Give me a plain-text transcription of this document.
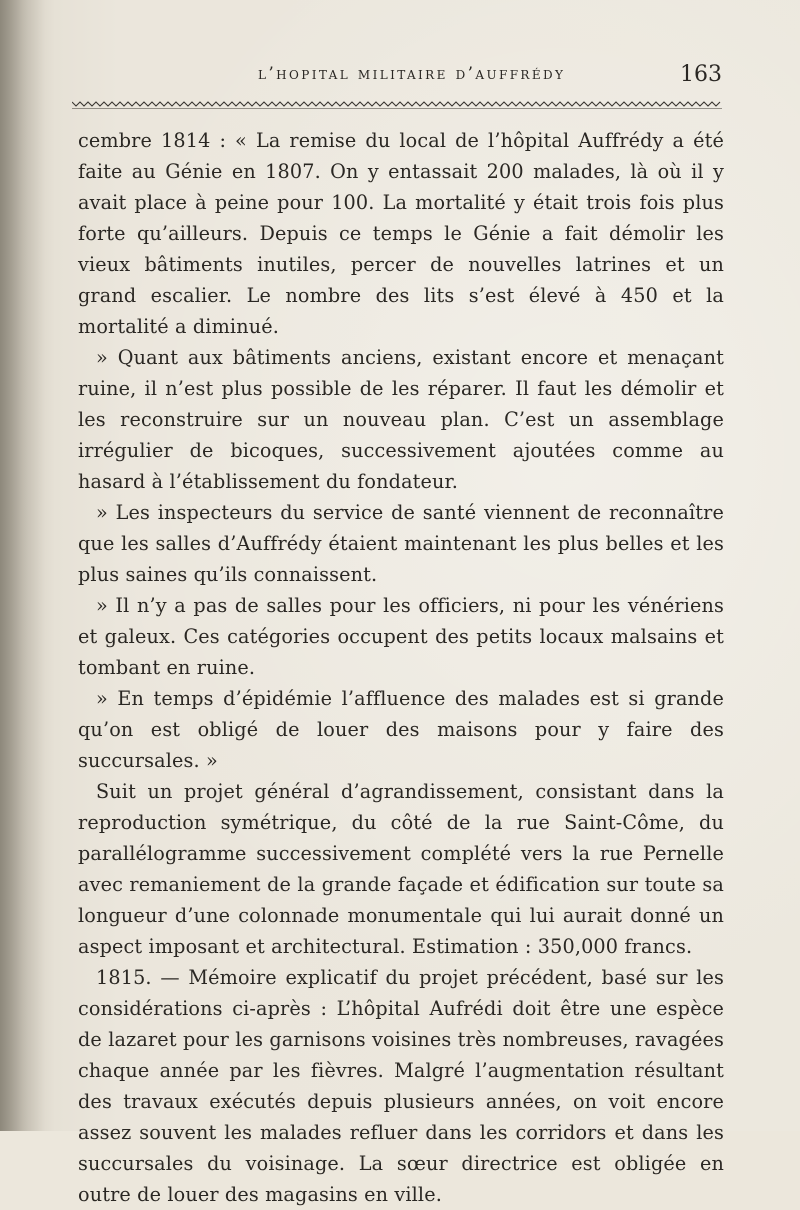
l’hopital militaire d’auffrédy	163

cembre 1814 : « La remise du local de l’hôpital Auffrédy a été faite au Génie en 1807. On y entassait 200 malades, là où il y avait place à peine pour 100. La mortalité y était trois fois plus forte qu’ailleurs. Depuis ce temps le Génie a fait démolir les vieux bâtiments inutiles, percer de nouvelles latrines et un grand escalier. Le nombre des lits s’est élevé à 450 et la mortalité a diminué.

» Quant aux bâtiments anciens, existant encore et menaçant ruine, il n’est plus possible de les réparer. Il faut les démolir et les reconstruire sur un nouveau plan. C’est un assemblage irrégulier de bicoques, successivement ajoutées comme au hasard à l’établissement du fondateur.

» Les inspecteurs du service de santé viennent de reconnaître que les salles d’Auffrédy étaient maintenant les plus belles et les plus saines qu’ils connaissent.

» Il n’y a pas de salles pour les officiers, ni pour les vénériens et galeux. Ces catégories occupent des petits locaux malsains et tombant en ruine.

» En temps d’épidémie l’affluence des malades est si grande qu’on est obligé de louer des maisons pour y faire des succursales. »

Suit un projet général d’agrandissement, consistant dans la reproduction symétrique, du côté de la rue Saint-Côme, du parallélogramme successivement complété vers la rue Pernelle avec remaniement de la grande façade et édification sur toute sa longueur d’une colonnade monumentale qui lui aurait donné un aspect imposant et architectural. Estimation : 350,000 francs.

1815. — Mémoire explicatif du projet précédent, basé sur les considérations ci-après : L’hôpital Aufrédi doit être une espèce de lazaret pour les garnisons voisines très nombreuses, ravagées chaque année par les fièvres. Malgré l’augmentation résultant des travaux exécutés depuis plusieurs années, on voit encore assez souvent les malades refluer dans les corridors et dans les succursales du voisinage. La sœur directrice est obligée en outre de louer des magasins en ville.
